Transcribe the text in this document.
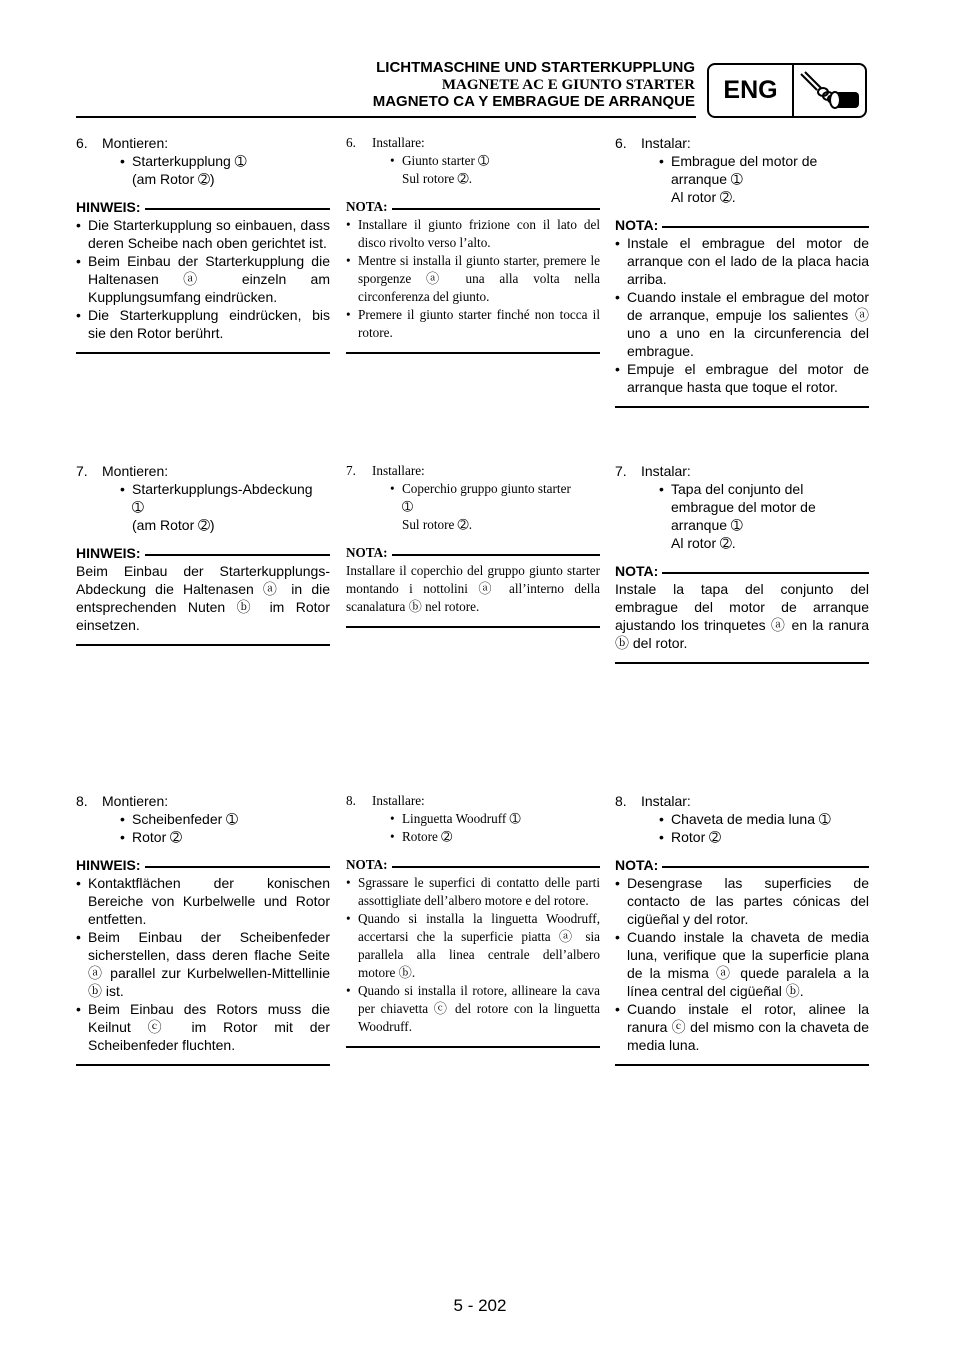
LICHTMASCHINE UND STARTERKUPPLUNG
MAGNETE AC E GIUNTO STARTER
MAGNETO CA Y EMBRAGUE DE ARRANQUE	ENG
6. Montieren:
• Starterkupplung ➀
(am Rotor ➁)
HINWEIS:
• Die Starterkupplung so einbauen, dass deren Scheibe nach oben gerichtet ist.
• Beim Einbau der Starterkupplung die Haltenasen ⓐ einzeln am Kupplungsumfang eindrücken.
• Die Starterkupplung eindrücken, bis sie den Rotor berührt.
7. Montieren:
• Starterkupplungs-Abdeckung
➀
(am Rotor ➁)
HINWEIS:
Beim Einbau der Starterkupplungs-Abdeckung die Haltenasen ⓐ in die entsprechenden Nuten ⓑ im Rotor einsetzen.
8. Montieren:
• Scheibenfeder ➀
• Rotor ➁
HINWEIS:
• Kontaktflächen der konischen Bereiche von Kurbelwelle und Rotor entfetten.
• Beim Einbau der Scheibenfeder sicherstellen, dass deren flache Seite ⓐ parallel zur Kurbelwellen-Mittellinie ⓑ ist.
• Beim Einbau des Rotors muss die Keilnut ⓒ im Rotor mit der Scheibenfeder fluchten.
6. Installare:
• Giunto starter ➀
Sul rotore ➁.
NOTA:
• Installare il giunto frizione con il lato del disco rivolto verso l’alto.
• Mentre si installa il giunto starter, premere le sporgenze ⓐ una alla volta nella circonferenza del giunto.
• Premere il giunto starter finché non tocca il rotore.
7. Installare:
• Coperchio gruppo giunto starter
➀
Sul rotore ➁.
NOTA:
Installare il coperchio del gruppo giunto starter montando i nottolini ⓐ all’interno della scanalatura ⓑ nel rotore.
8. Installare:
• Linguetta Woodruff ➀
• Rotore ➁
NOTA:
• Sgrassare le superfici di contatto delle parti assottigliate dell’albero motore e del rotore.
• Quando si installa la linguetta Woodruff, accertarsi che la superficie piatta ⓐ sia parallela alla linea centrale dell’albero motore ⓑ.
• Quando si installa il rotore, allineare la cava per chiavetta ⓒ del rotore con la linguetta Woodruff.
6. Instalar:
• Embrague del motor de arranque ➀
Al rotor ➁.
NOTA:
• Instale el embrague del motor de arranque con el lado de la placa hacia arriba.
• Cuando instale el embrague del motor de arranque, empuje los salientes ⓐ uno a uno en la circunferencia del embrague.
• Empuje el embrague del motor de arranque hasta que toque el rotor.
7. Instalar:
• Tapa del conjunto del embrague del motor de arranque ➀
Al rotor ➁.
NOTA:
Instale la tapa del conjunto del embrague del motor de arranque ajustando los trinquetes ⓐ en la ranura ⓑ del rotor.
8. Instalar:
• Chaveta de media luna ➀
• Rotor ➁
NOTA:
• Desengrase las superficies de contacto de las partes cónicas del cigüeñal y del rotor.
• Cuando instale la chaveta de media luna, verifique que la superficie plana de la misma ⓐ quede paralela a la línea central del cigüeñal ⓑ.
• Cuando instale el rotor, alinee la ranura ⓒ del mismo con la chaveta de media luna.
5 - 202
